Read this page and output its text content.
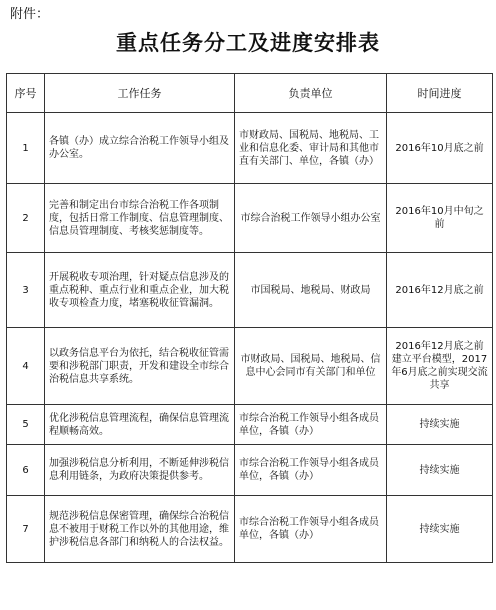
附件：
重点任务分工及进度安排表
序号	工作任务	负责单位	时间进度
1	各镇（办）成立综合治税工作领导小组及办公室。	市财政局、国税局、地税局、工业和信息化委、审计局和其他市直有关部门、单位，各镇（办）	2016年10月底之前
2	完善和制定出台市综合治税工作各项制度，包括日常工作制度、信息管理制度、信息员管理制度、考核奖惩制度等。	市综合治税工作领导小组办公室	2016年10月中旬之前
3	开展税收专项治理，针对疑点信息涉及的重点税种、重点行业和重点企业，加大税收专项检查力度，堵塞税收征管漏洞。	市国税局、地税局、财政局	2016年12月底之前
4	以政务信息平台为依托，结合税收征管需要和涉税部门职责，开发和建设全市综合治税信息共享系统。	市财政局、国税局、地税局、信息中心会同市有关部门和单位	2016年12月底之前建立平台模型，2017年6月底之前实现交流共享
5	优化涉税信息管理流程，确保信息管理流程顺畅高效。	市综合治税工作领导小组各成员单位，各镇（办）	持续实施
6	加强涉税信息分析利用，不断延伸涉税信息利用链条，为政府决策提供参考。	市综合治税工作领导小组各成员单位，各镇（办）	持续实施
7	规范涉税信息保密管理，确保综合治税信息不被用于财税工作以外的其他用途，维护涉税信息各部门和纳税人的合法权益。	市综合治税工作领导小组各成员单位，各镇（办）	持续实施
